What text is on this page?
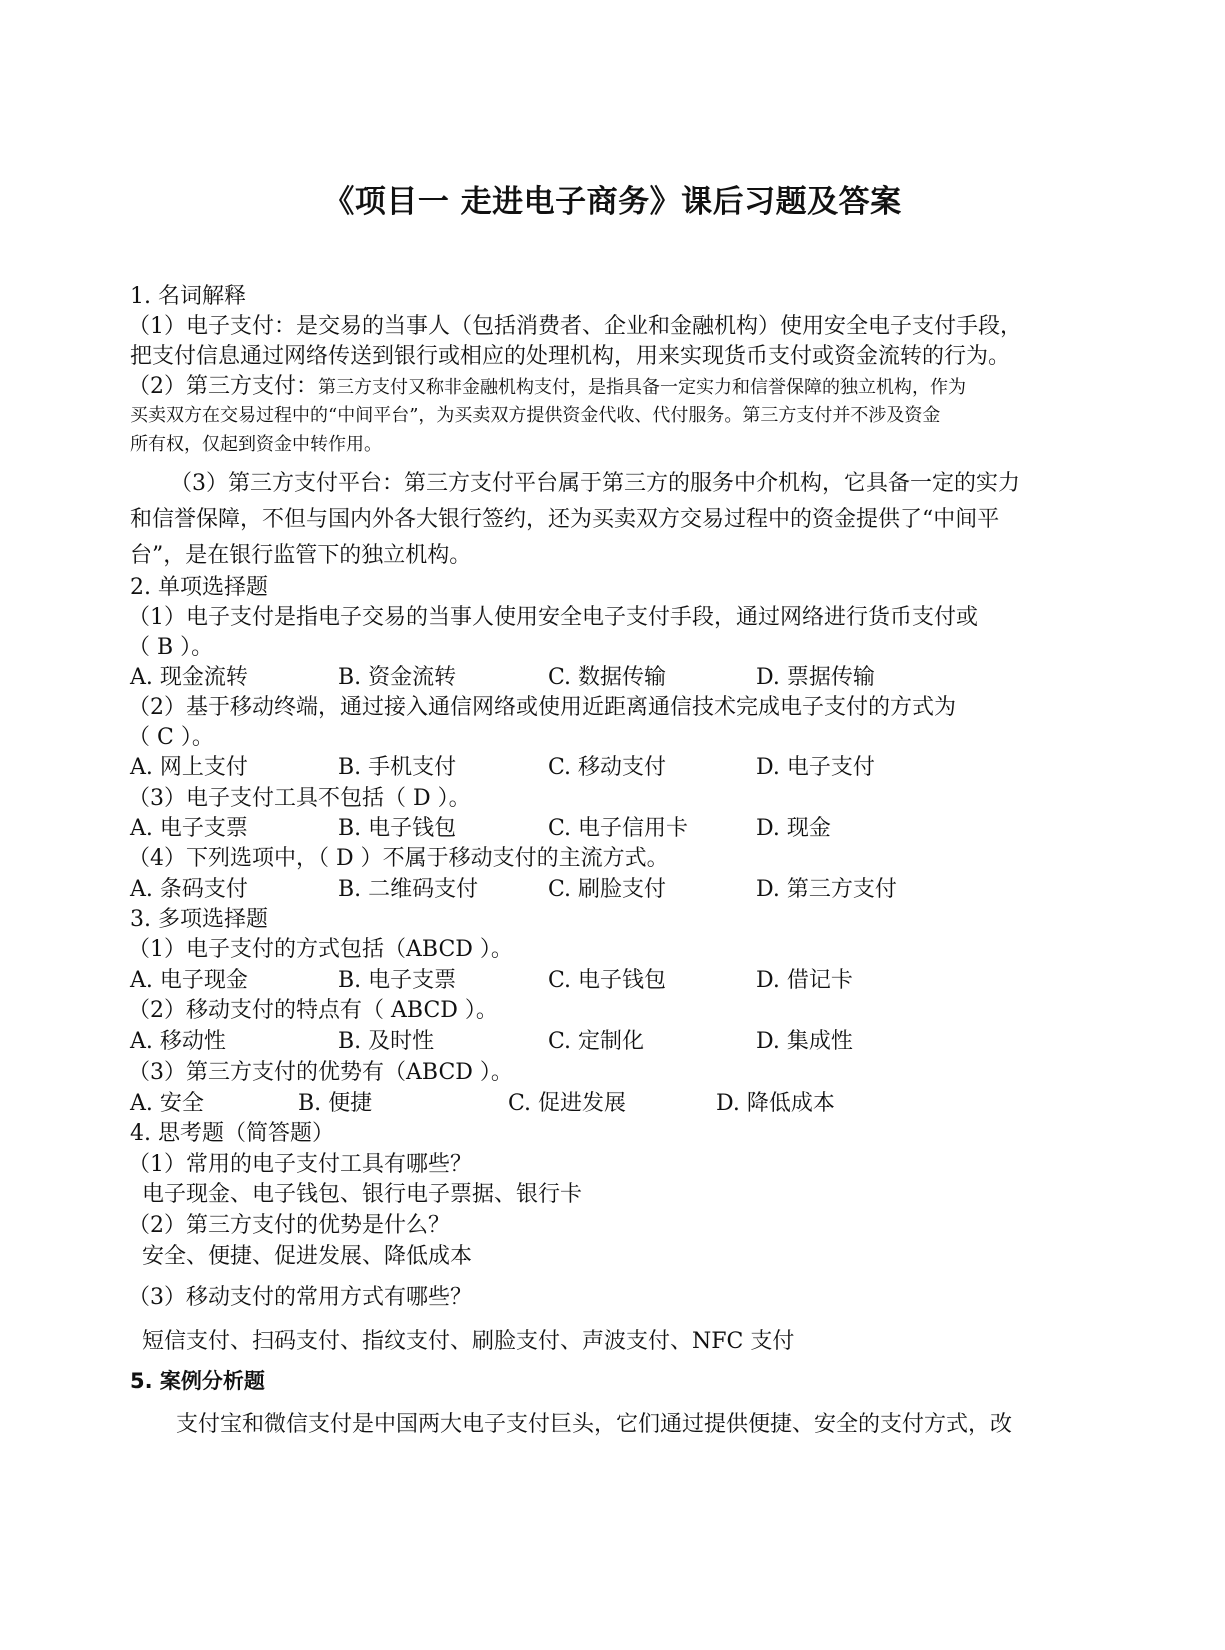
《项目一 走进电子商务》课后习题及答案
1. 名词解释
（1）电子支付：是交易的当事人（包括消费者、企业和金融机构）使用安全电子支付手段，
把支付信息通过网络传送到银行或相应的处理机构，用来实现货币支付或资金流转的行为。
（2）第三方支付：第三方支付又称非金融机构支付，是指具备一定实力和信誉保障的独立机构，作为
买卖双方在交易过程中的“中间平台”，为买卖双方提供资金代收、代付服务。第三方支付并不涉及资金
所有权，仅起到资金中转作用。
（3）第三方支付平台：第三方支付平台属于第三方的服务中介机构，它具备一定的实力
和信誉保障，不但与国内外各大银行签约，还为买卖双方交易过程中的资金提供了“中间平
台”，是在银行监管下的独立机构。
2. 单项选择题
（1）电子支付是指电子交易的当事人使用安全电子支付手段，通过网络进行货币支付或
（ B ）。
A. 现金流转	B. 资金流转	C. 数据传输	D. 票据传输
（2）基于移动终端，通过接入通信网络或使用近距离通信技术完成电子支付的方式为
（ C ）。
A. 网上支付	B. 手机支付	C. 移动支付	D. 电子支付
（3）电子支付工具不包括（ D ）。
A. 电子支票	B. 电子钱包	C. 电子信用卡	D. 现金
（4）下列选项中，（ D ）不属于移动支付的主流方式。
A. 条码支付	B. 二维码支付	C. 刷脸支付	D. 第三方支付
3. 多项选择题
（1）电子支付的方式包括（ABCD ）。
A. 电子现金	B. 电子支票	C. 电子钱包	D. 借记卡
（2）移动支付的特点有（ ABCD ）。
A. 移动性	B. 及时性	C. 定制化	D. 集成性
（3）第三方支付的优势有（ABCD ）。
A. 安全	B. 便捷	C. 促进发展	D. 降低成本
4. 思考题（简答题）
（1）常用的电子支付工具有哪些？
电子现金、电子钱包、银行电子票据、银行卡
（2）第三方支付的优势是什么？
安全、便捷、促进发展、降低成本
（3）移动支付的常用方式有哪些？
短信支付、扫码支付、指纹支付、刷脸支付、声波支付、NFC 支付
5. 案例分析题
支付宝和微信支付是中国两大电子支付巨头，它们通过提供便捷、安全的支付方式，改
